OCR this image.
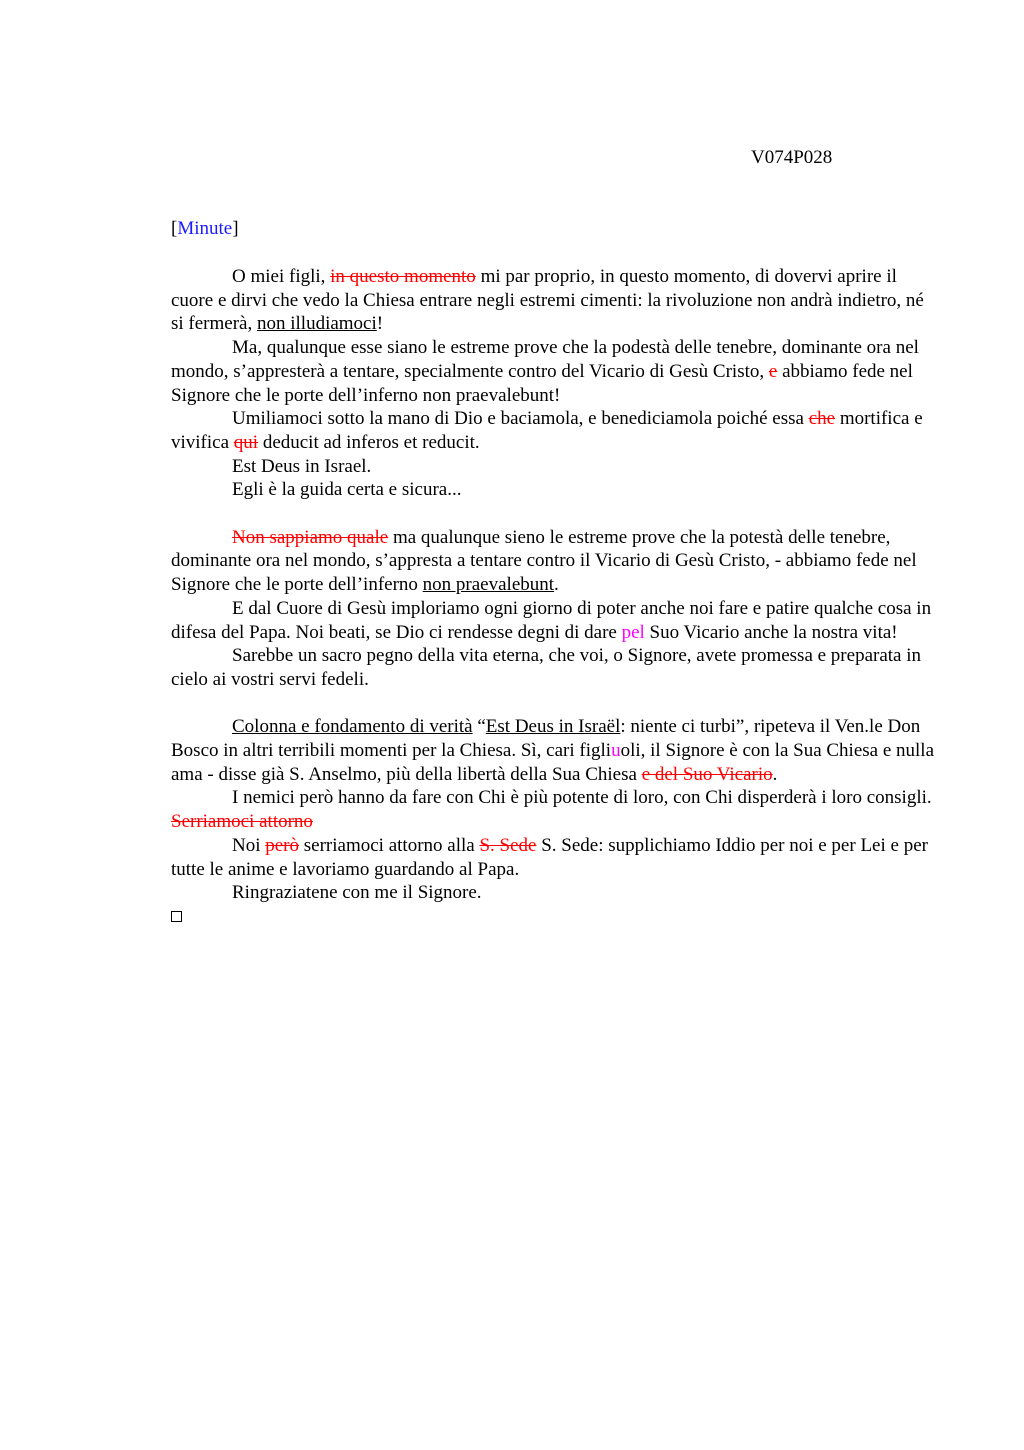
V074P028
[Minute]

O miei figli, in questo momento mi par proprio, in questo momento, di dovervi aprire il cuore e dirvi che vedo la Chiesa entrare negli estremi cimenti: la rivoluzione non andrà indietro, né si fermerà, non illudiamoci!

Ma, qualunque esse siano le estreme prove che la podestà delle tenebre, dominante ora nel mondo, s’appresterà a tentare, specialmente contro del Vicario di Gesù Cristo, e abbiamo fede nel Signore che le porte dell’inferno non praevalebunt!

Umiliamoci sotto la mano di Dio e baciamola, e benediciamola poiché essa che mortifica e vivifica qui deducit ad inferos et reducit.

Est Deus in Israel.

Egli è la guida certa e sicura...

Non sappiamo quale ma qualunque sieno le estreme prove che la potestà delle tenebre, dominante ora nel mondo, s’appresta a tentare contro il Vicario di Gesù Cristo, - abbiamo fede nel Signore che le porte dell’inferno non praevalebunt.

E dal Cuore di Gesù imploriamo ogni giorno di poter anche noi fare e patire qualche cosa in difesa del Papa. Noi beati, se Dio ci rendesse degni di dare pel Suo Vicario anche la nostra vita!

Sarebbe un sacro pegno della vita eterna, che voi, o Signore, avete promessa e preparata in cielo ai vostri servi fedeli.

Colonna e fondamento di verità “Est Deus in Israël: niente ci turbi”, ripeteva il Ven.le Don Bosco in altri terribili momenti per la Chiesa. Sì, cari figliuoli, il Signore è con la Sua Chiesa e nulla ama - disse già S. Anselmo, più della libertà della Sua Chiesa e del Suo Vicario.

I nemici però hanno da fare con Chi è più potente di loro, con Chi disperderà i loro consigli. Serriamoci attorno

Noi però serriamoci attorno alla S. Sede S. Sede: supplichiamo Iddio per noi e per Lei e per tutte le anime e lavoriamo guardando al Papa.

Ringraziatene con me il Signore.
